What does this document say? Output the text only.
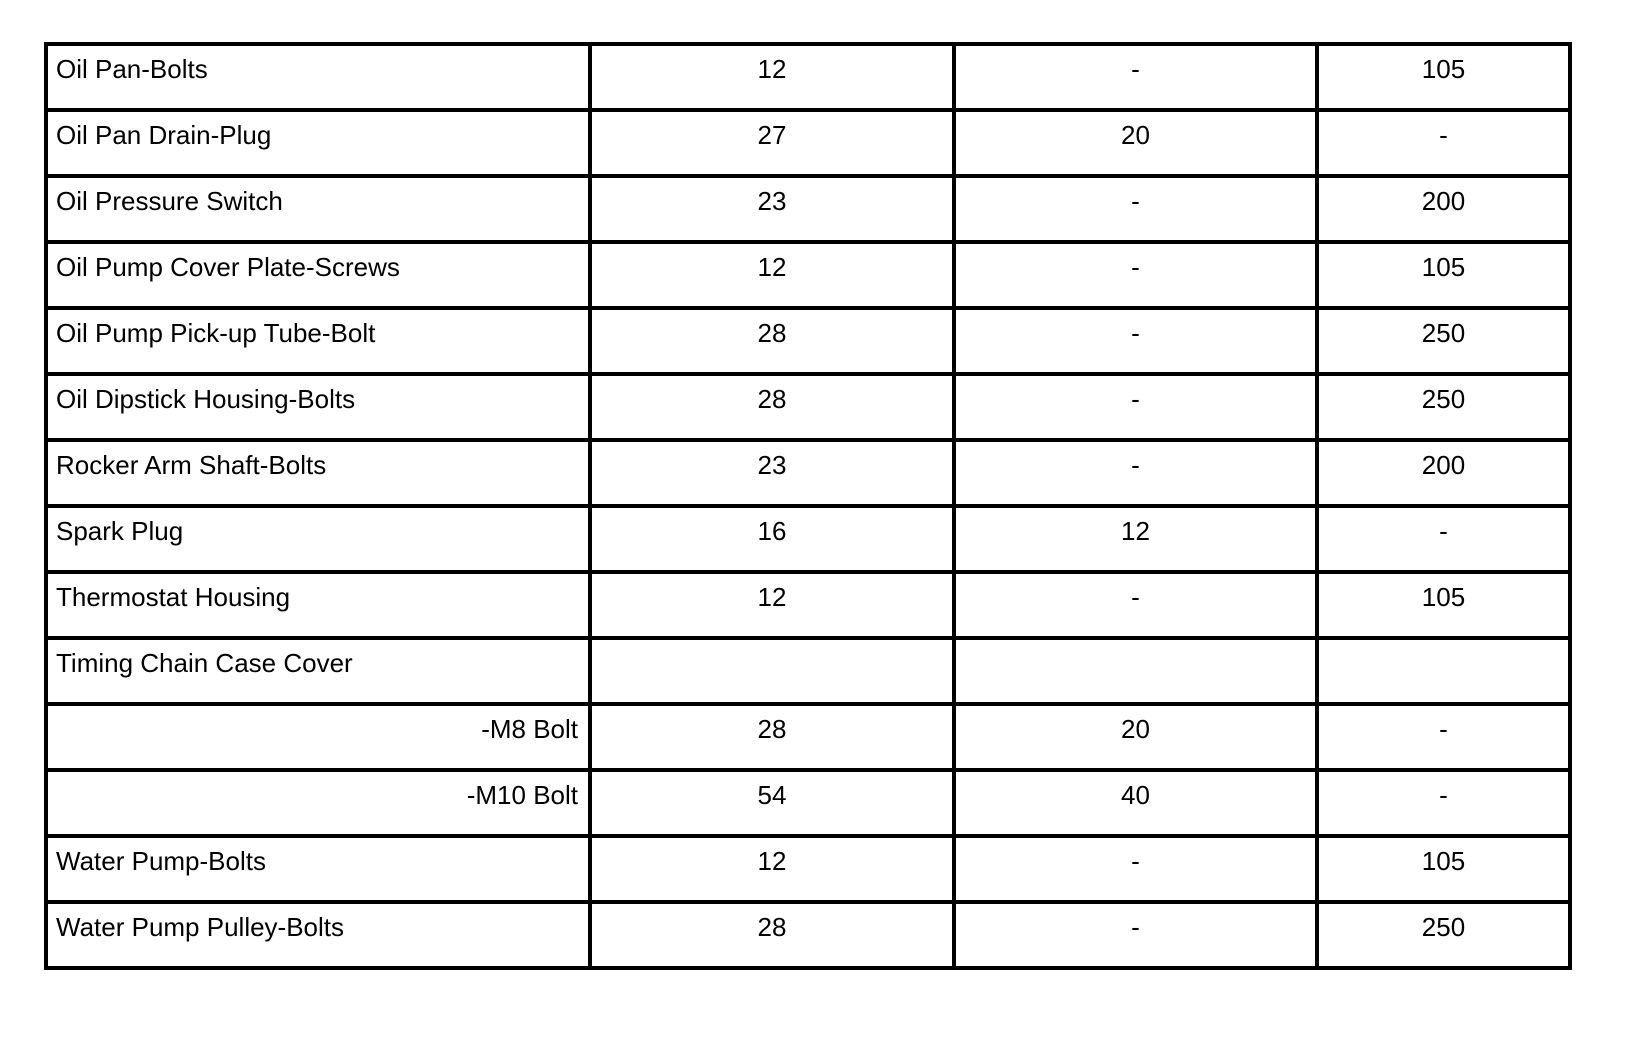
Oil Pan-Bolts	12	-	105

Oil Pan Drain-Plug	27	20	-

Oil Pressure Switch	23	-	200

Oil Pump Cover Plate-Screws	12	-	105

Oil Pump Pick-up Tube-Bolt	28	-	250

Oil Dipstick Housing-Bolts	28	-	250

Rocker Arm Shaft-Bolts	23	-	200

Spark Plug	16	12	-

Thermostat Housing	12	-	105

Timing Chain Case Cover			

-M8 Bolt	28	20	-

-M10 Bolt	54	40	-

Water Pump-Bolts	12	-	105

Water Pump Pulley-Bolts	28	-	250
